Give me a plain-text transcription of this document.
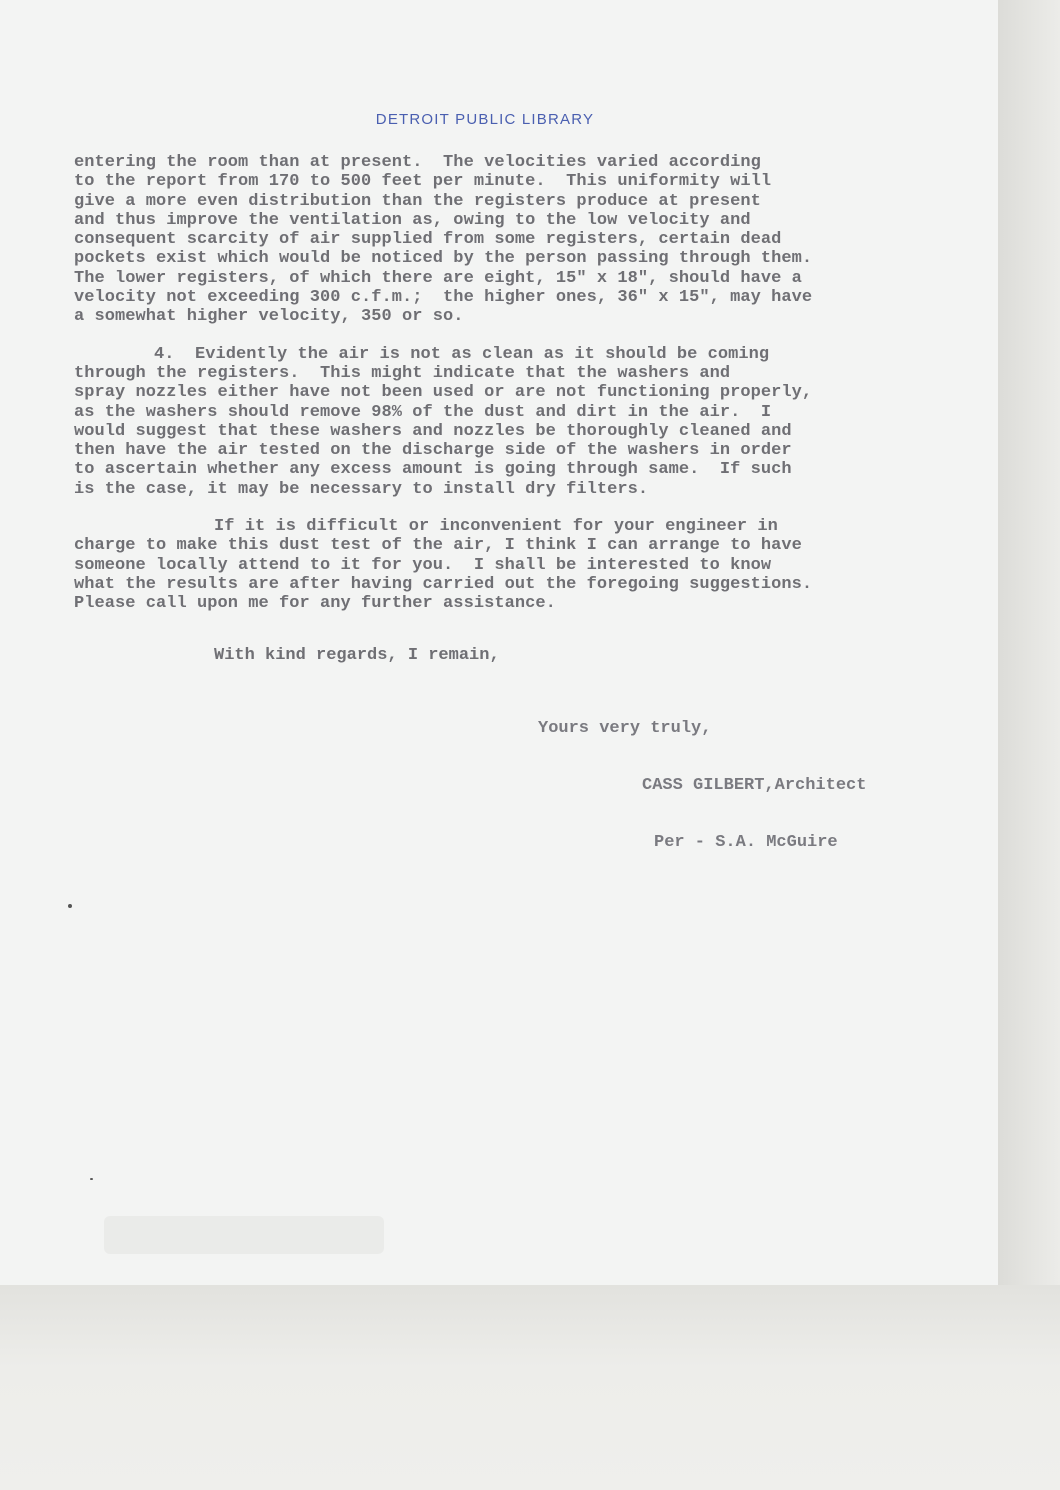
DETROIT PUBLIC LIBRARY
entering the room than at present.  The velocities varied according
to the report from 170 to 500 feet per minute.  This uniformity will
give a more even distribution than the registers produce at present
and thus improve the ventilation as, owing to the low velocity and
consequent scarcity of air supplied from some registers, certain dead
pockets exist which would be noticed by the person passing through them.
The lower registers, of which there are eight, 15" x 18", should have a
velocity not exceeding 300 c.f.m.;  the higher ones, 36" x 15", may have
a somewhat higher velocity, 350 or so.
4.  Evidently the air is not as clean as it should be coming
through the registers.  This might indicate that the washers and
spray nozzles either have not been used or are not functioning properly,
as the washers should remove 98% of the dust and dirt in the air.  I
would suggest that these washers and nozzles be thoroughly cleaned and
then have the air tested on the discharge side of the washers in order
to ascertain whether any excess amount is going through same.  If such
is the case, it may be necessary to install dry filters.
If it is difficult or inconvenient for your engineer in
charge to make this dust test of the air, I think I can arrange to have
someone locally attend to it for you.  I shall be interested to know
what the results are after having carried out the foregoing suggestions.
Please call upon me for any further assistance.
With kind regards, I remain,

Yours very truly,

CASS GILBERT,Architect

Per - S.A. McGuire
